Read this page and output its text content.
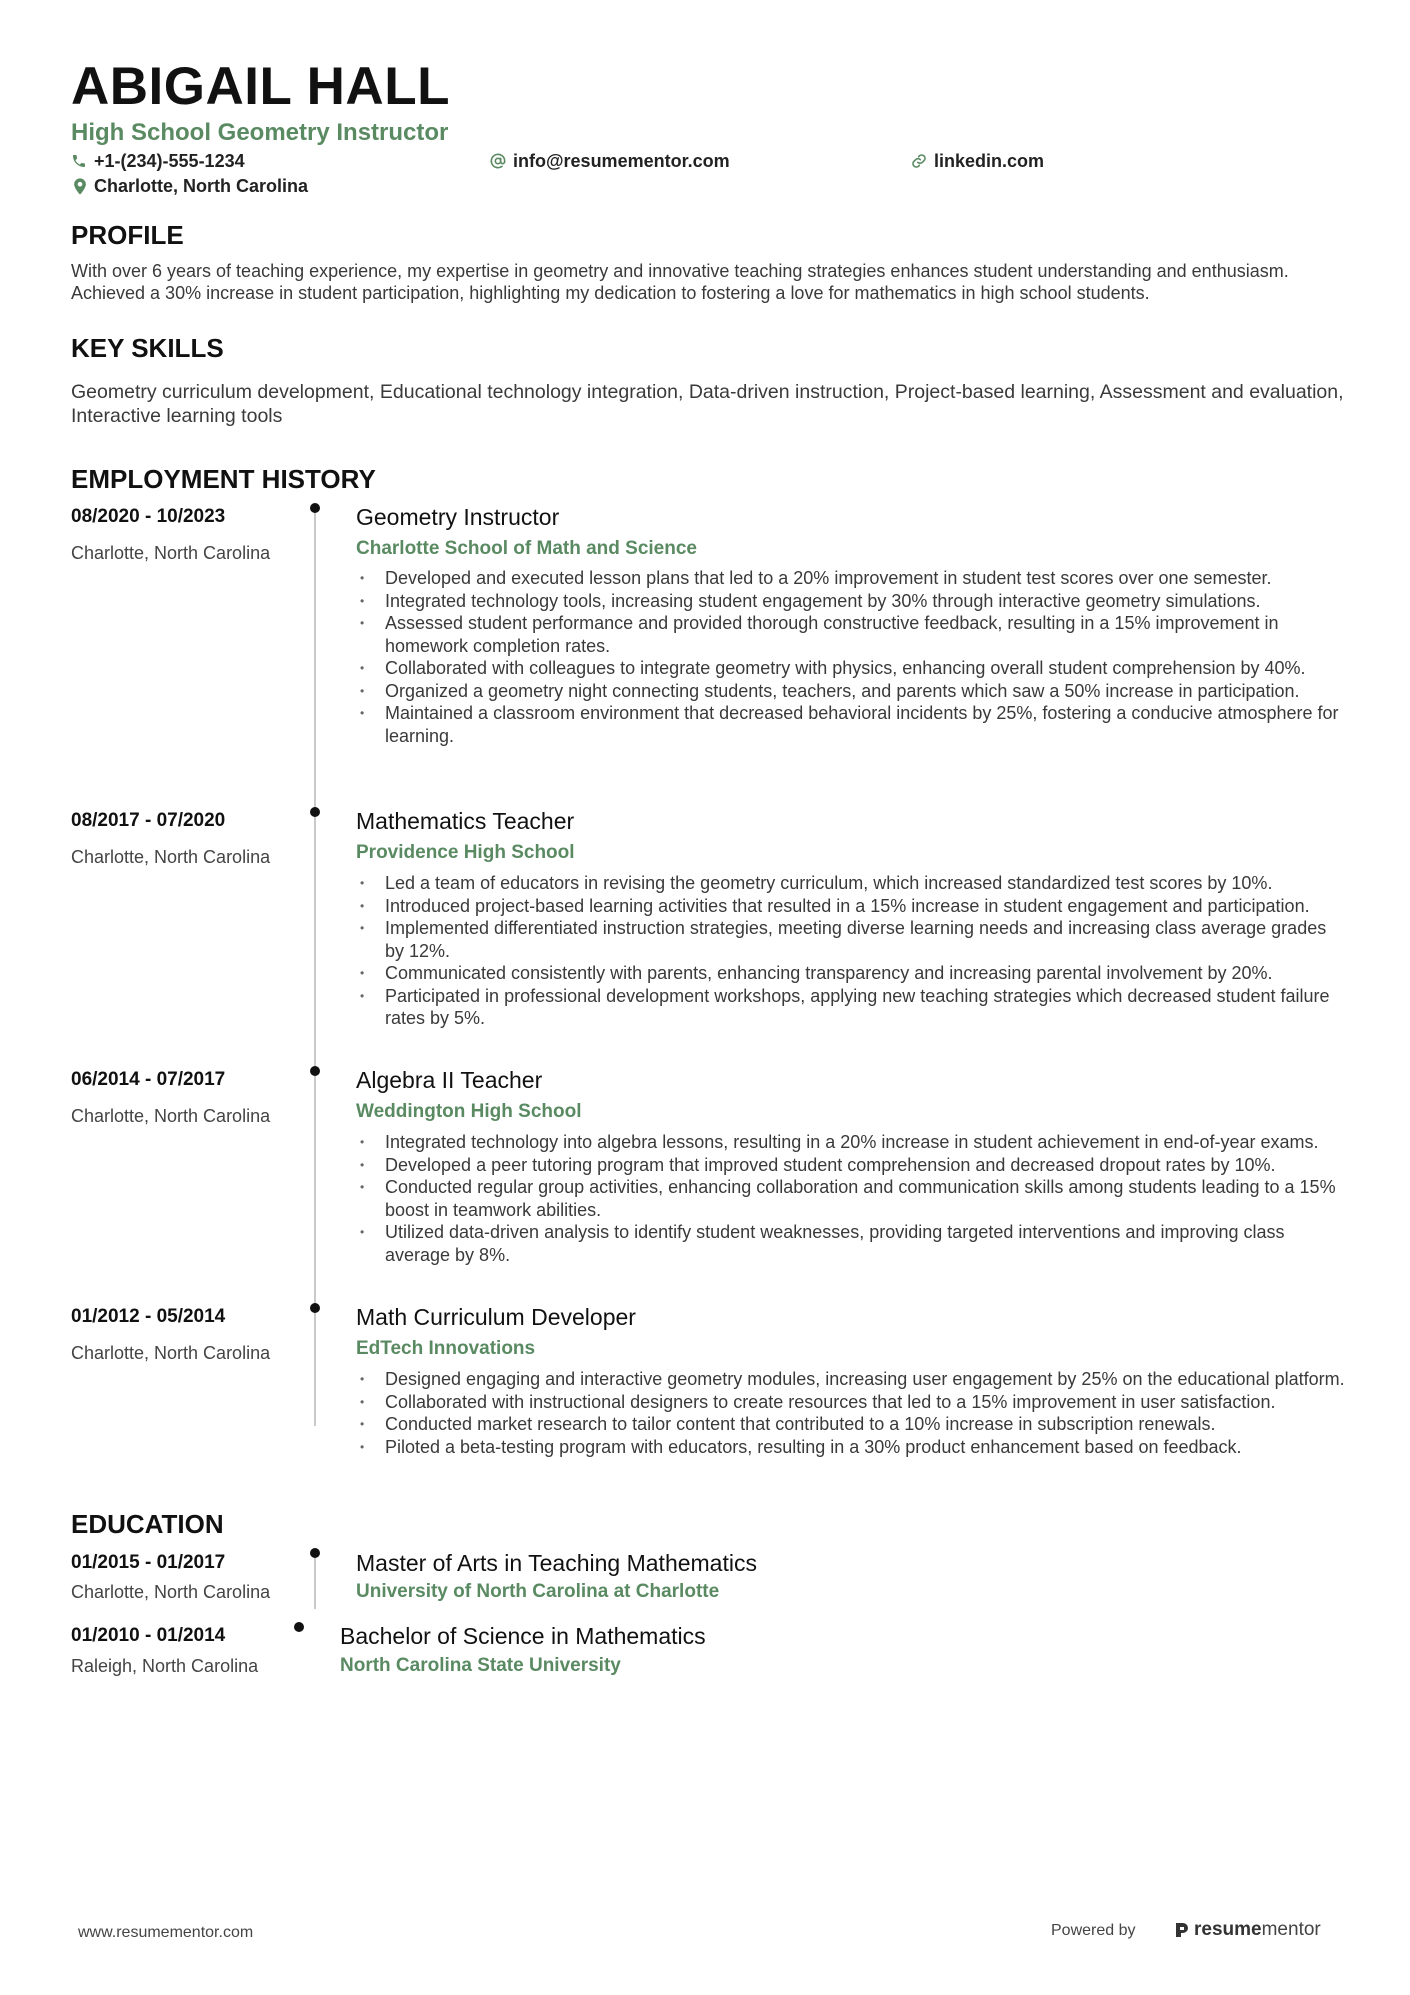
ABIGAIL HALL
High School Geometry Instructor
+1-(234)-555-1234	info@resumementor.com	linkedin.com
Charlotte, North Carolina
PROFILE

With over 6 years of teaching experience, my expertise in geometry and innovative teaching strategies enhances student understanding and enthusiasm. Achieved a 30% increase in student participation, highlighting my dedication to fostering a love for mathematics in high school students.

KEY SKILLS

Geometry curriculum development, Educational technology integration, Data-driven instruction, Project-based learning, Assessment and evaluation, Interactive learning tools

EMPLOYMENT HISTORY
08/2020 - 10/2023
Charlotte, North Carolina
Geometry Instructor
Charlotte School of Math and Science
• Developed and executed lesson plans that led to a 20% improvement in student test scores over one semester.
• Integrated technology tools, increasing student engagement by 30% through interactive geometry simulations.
• Assessed student performance and provided thorough constructive feedback, resulting in a 15% improvement in homework completion rates.
• Collaborated with colleagues to integrate geometry with physics, enhancing overall student comprehension by 40%.
• Organized a geometry night connecting students, teachers, and parents which saw a 50% increase in participation.
• Maintained a classroom environment that decreased behavioral incidents by 25%, fostering a conducive atmosphere for learning.
08/2017 - 07/2020
Charlotte, North Carolina
Mathematics Teacher
Providence High School
• Led a team of educators in revising the geometry curriculum, which increased standardized test scores by 10%.
• Introduced project-based learning activities that resulted in a 15% increase in student engagement and participation.
• Implemented differentiated instruction strategies, meeting diverse learning needs and increasing class average grades by 12%.
• Communicated consistently with parents, enhancing transparency and increasing parental involvement by 20%.
• Participated in professional development workshops, applying new teaching strategies which decreased student failure rates by 5%.
06/2014 - 07/2017
Charlotte, North Carolina
Algebra II Teacher
Weddington High School
• Integrated technology into algebra lessons, resulting in a 20% increase in student achievement in end-of-year exams.
• Developed a peer tutoring program that improved student comprehension and decreased dropout rates by 10%.
• Conducted regular group activities, enhancing collaboration and communication skills among students leading to a 15% boost in teamwork abilities.
• Utilized data-driven analysis to identify student weaknesses, providing targeted interventions and improving class average by 8%.
01/2012 - 05/2014
Charlotte, North Carolina
Math Curriculum Developer
EdTech Innovations
• Designed engaging and interactive geometry modules, increasing user engagement by 25% on the educational platform.
• Collaborated with instructional designers to create resources that led to a 15% improvement in user satisfaction.
• Conducted market research to tailor content that contributed to a 10% increase in subscription renewals.
• Piloted a beta-testing program with educators, resulting in a 30% product enhancement based on feedback.
EDUCATION
01/2015 - 01/2017
Charlotte, North Carolina
Master of Arts in Teaching Mathematics
University of North Carolina at Charlotte
01/2010 - 01/2014
Raleigh, North Carolina
Bachelor of Science in Mathematics
North Carolina State University
www.resumementor.com	Powered by	resumementor
